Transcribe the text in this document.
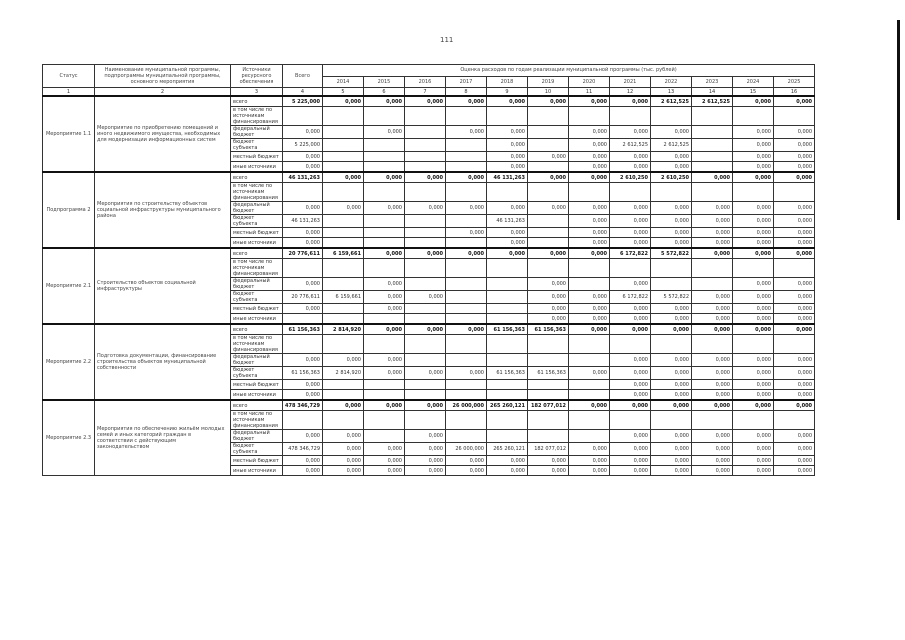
111
Статус	Наименование муниципальной программы, подпрограммы муниципальной программы, основного мероприятия	Источники ресурсного обеспечения	Всего	Оценка расходов по годам реализации муниципальной программы (тыс. рублей)											
				2014	2015	2016	2017	2018	2019	2020	2021	2022	2023	2024	2025
1	2	3	4	5	6	7	8	9	10	11	12	13	14	15	16
Мероприятие 1.1	Мероприятие по приобретению помещений и иного недвижимого имущества, необходимых для модернизации информационных систем	всего	5 225,000	0,000	0,000	0,000	0,000	0,000	0,000	0,000	0,000	2 612,525	2 612,525	0,000	0,000
		в том числе по источникам финансирования													
		федеральный бюджет	0,000		0,000		0,000	0,000		0,000	0,000	0,000		0,000	0,000
		бюджет субъекта	5 225,000					0,000		0,000	2 612,525	2 612,525		0,000	0,000
		местный бюджет	0,000					0,000	0,000	0,000	0,000	0,000		0,000	0,000
		иные источники	0,000					0,000		0,000	0,000	0,000		0,000	0,000
Подпрограмма 2	Мероприятия по строительству объектов социальной инфраструктуры муниципального района	всего	46 131,263	0,000	0,000	0,000	0,000	46 131,263	0,000	0,000	2 610,250	2 610,250	0,000	0,000	0,000
		в том числе по источникам финансирования													
		федеральный бюджет	0,000	0,000	0,000	0,000	0,000	0,000	0,000	0,000	0,000	0,000	0,000	0,000	0,000
		бюджет субъекта	46 131,263					46 131,263		0,000	0,000	0,000	0,000	0,000	0,000
		местный бюджет	0,000				0,000	0,000		0,000	0,000	0,000	0,000	0,000	0,000
		иные источники	0,000					0,000		0,000	0,000	0,000	0,000	0,000	0,000
Мероприятие 2.1	Строительство объектов социальной инфраструктуры	всего	20 776,611	6 159,661	0,000	0,000	0,000	0,000	0,000	0,000	6 172,822	5 572,822	0,000	0,000	0,000
		в том числе по источникам финансирования													
		федеральный бюджет	0,000		0,000				0,000		0,000			0,000	0,000
		бюджет субъекта	20 776,611	6 159,661	0,000	0,000			0,000	0,000	6 172,822	5 572,822	0,000	0,000	0,000
		местный бюджет	0,000		0,000				0,000	0,000	0,000	0,000	0,000	0,000	0,000
		иные источники							0,000	0,000	0,000	0,000	0,000	0,000	0,000
Мероприятие 2.2	Подготовка документации, финансирование строительства объектов муниципальной собственности	всего	61 156,363	2 814,920	0,000	0,000	0,000	61 156,363	61 156,363	0,000	0,000	0,000	0,000	0,000	0,000
		в том числе по источникам финансирования													
		федеральный бюджет	0,000	0,000	0,000						0,000	0,000	0,000	0,000	0,000
		бюджет субъекта	61 156,363	2 814,920	0,000	0,000	0,000	61 156,363	61 156,363	0,000	0,000	0,000	0,000	0,000	0,000
		местный бюджет	0,000								0,000	0,000	0,000	0,000	0,000
		иные источники	0,000								0,000	0,000	0,000	0,000	0,000
Мероприятие 2.3	Мероприятия по обеспечению жильём молодых семей и иных категорий граждан в соответствии с действующим законодательством	всего	478 346,729	0,000	0,000	0,000	26 000,000	265 260,121	182 077,012	0,000	0,000	0,000	0,000	0,000	0,000
		в том числе по источникам финансирования													
		федеральный бюджет	0,000	0,000		0,000					0,000	0,000	0,000	0,000	0,000
		бюджет субъекта	478 346,729	0,000	0,000	0,000	26 000,000	265 260,121	182 077,012	0,000	0,000	0,000	0,000	0,000	0,000
		местный бюджет	0,000	0,000	0,000	0,000	0,000	0,000	0,000	0,000	0,000	0,000	0,000	0,000	0,000
		иные источники	0,000	0,000	0,000	0,000	0,000	0,000	0,000	0,000	0,000	0,000	0,000	0,000	0,000
